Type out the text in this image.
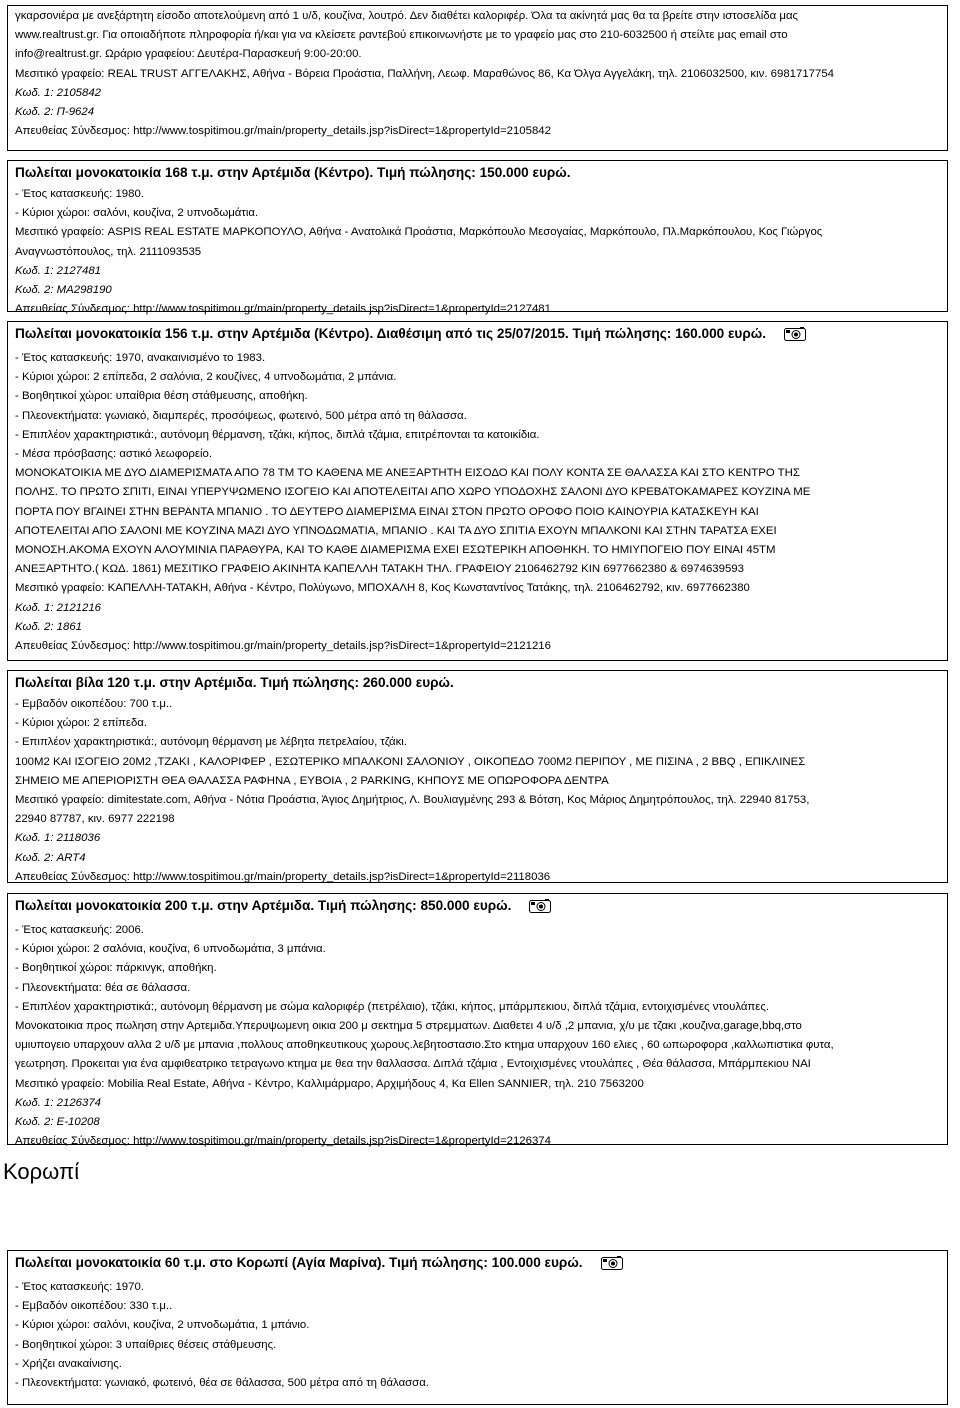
γκαρσονιέρα με ανεξάρτητη είσοδο αποτελούμενη από 1 υ/δ, κουζίνα, λουτρό. Δεν διαθέτει καλοριφέρ. Όλα τα ακίνητά μας θα τα βρείτε στην ιστοσελίδα μας

www.realtrust.gr. Για οποιαδήποτε πληροφορία ή/και για να κλείσετε ραντεβού επικοινωνήστε με το γραφείο μας στο 210-6032500 ή στείλτε μας email στο

info@realtrust.gr. Ωράριο γραφείου: Δευτέρα-Παρασκευή 9:00-20:00.

Μεσιτικό γραφείο: REAL TRUST ΑΓΓΕΛΑΚΗΣ, Αθήνα - Βόρεια Προάστια, Παλλήνη, Λεωφ. Μαραθώνος 86, Κα Όλγα Αγγελάκη, τηλ. 2106032500, κιν. 6981717754

Κωδ. 1: 2105842

Κωδ. 2: Π-9624

Απευθείας Σύνδεσμος: http://www.tospitimou.gr/main/property_details.jsp?isDirect=1&propertyId=2105842

Πωλείται μονοκατοικία 168 τ.μ. στην Αρτέμιδα (Κέντρο). Τιμή πώλησης: 150.000 ευρώ.

- Έτος κατασκευής: 1980.

- Κύριοι χώροι: σαλόνι, κουζίνα, 2 υπνοδωμάτια.

Μεσιτικό γραφείο: ASPIS REAL ESTATE ΜΑΡΚΟΠΟΥΛΟ, Αθήνα - Ανατολικά Προάστια, Μαρκόπουλο Μεσογαίας, Μαρκόπουλο, Πλ.Μαρκόπουλου, Κος Γιώργος

Αναγνωστόπουλος, τηλ. 2111093535

Κωδ. 1: 2127481

Κωδ. 2: ΜΑ298190

Απευθείας Σύνδεσμος: http://www.tospitimou.gr/main/property_details.jsp?isDirect=1&propertyId=2127481

Πωλείται μονοκατοικία 156 τ.μ. στην Αρτέμιδα (Κέντρο). Διαθέσιμη από τις 25/07/2015. Τιμή πώλησης: 160.000 ευρώ.

- Έτος κατασκευής: 1970, ανακαινισμένο το 1983.

- Κύριοι χώροι: 2 επίπεδα, 2 σαλόνια, 2 κουζίνες, 4 υπνοδωμάτια, 2 μπάνια.

- Βοηθητικοί χώροι: υπαίθρια θέση στάθμευσης, αποθήκη.

- Πλεονεκτήματα: γωνιακό, διαμπερές, προσόψεως, φωτεινό, 500 μέτρα από τη θάλασσα.

- Επιπλέον χαρακτηριστικά:, αυτόνομη θέρμανση, τζάκι, κήπος, διπλά τζάμια, επιτρέπονται τα κατοικίδια.

- Μέσα πρόσβασης: αστικό λεωφορείο.

ΜΟΝΟΚΑΤΟΙΚΙΑ ΜΕ ΔΥΟ ΔΙΑΜΕΡΙΣΜΑΤΑ ΑΠΟ 78 ΤΜ ΤΟ ΚΑΘΕΝΑ ΜΕ ΑΝΕΞΑΡΤΗΤΗ ΕΙΣΟΔΟ ΚΑΙ ΠΟΛΥ ΚΟΝΤΑ ΣΕ ΘΑΛΑΣΣΑ ΚΑΙ ΣΤΟ ΚΕΝΤΡΟ ΤΗΣ

ΠΟΛΗΣ. ΤΟ ΠΡΩΤΟ ΣΠΙΤΙ, ΕΙΝΑΙ ΥΠΕΡΥΨΩΜΕΝΟ ΙΣΟΓΕΙΟ ΚΑΙ ΑΠΟΤΕΛΕΙΤΑΙ ΑΠΟ ΧΩΡΟ ΥΠΟΔΟΧΗΣ ΣΑΛΟΝΙ ΔΥΟ ΚΡΕΒΑΤΟΚΑΜΑΡΕΣ ΚΟΥΖΙΝΑ ΜΕ

ΠΟΡΤΑ ΠΟΥ ΒΓΑΙΝΕΙ ΣΤΗΝ ΒΕΡΑΝΤΑ ΜΠΑΝΙΟ . ΤΟ ΔΕΥΤΕΡΟ ΔΙΑΜΕΡΙΣΜΑ ΕΙΝΑΙ ΣΤΟΝ ΠΡΩΤΟ ΟΡΟΦΟ ΠΟΙΟ ΚΑΙΝΟΥΡΙΑ ΚΑΤΑΣΚΕΥΗ ΚΑΙ

ΑΠΟΤΕΛΕΙΤΑΙ ΑΠΟ ΣΑΛΟΝΙ ΜΕ ΚΟΥΖΙΝΑ ΜΑΖΙ ΔΥΟ ΥΠΝΟΔΩΜΑΤΙΑ, ΜΠΑΝΙΟ . ΚΑΙ ΤΑ ΔΥΟ ΣΠΙΤΙΑ ΕΧΟΥΝ ΜΠΑΛΚΟΝΙ ΚΑΙ ΣΤΗΝ ΤΑΡΑΤΣΑ ΕΧΕΙ

ΜΟΝΟΣΗ.ΑΚΟΜΑ ΕΧΟΥΝ ΑΛΟΥΜΙΝΙΑ ΠΑΡΑΘΥΡΑ, ΚΑΙ ΤΟ ΚΑΘΕ ΔΙΑΜΕΡΙΣΜΑ ΕΧΕΙ ΕΣΩΤΕΡΙΚΗ ΑΠΟΘΗΚΗ. ΤΟ ΗΜΙΥΠΟΓΕΙΟ ΠΟΥ ΕΙΝΑΙ 45ΤΜ

ΑΝΕΞΑΡΤΗΤΟ.( ΚΩΔ. 1861) ΜΕΣΙΤΙΚΟ ΓΡΑΦΕΙΟ ΑΚΙΝΗΤΑ ΚΑΠΕΛΛΗ ΤΑΤΑΚΗ ΤΗΛ. ΓΡΑΦΕΙΟΥ 2106462792 ΚΙΝ 6977662380 & 6974639593

Μεσιτικό γραφείο: ΚΑΠΕΛΛΗ-ΤΑΤΑΚΗ, Αθήνα - Κέντρο, Πολύγωνο, ΜΠΟΧΑΛΗ 8, Κος Κωνσταντίνος Τατάκης, τηλ. 2106462792, κιν. 6977662380

Κωδ. 1: 2121216

Κωδ. 2: 1861

Απευθείας Σύνδεσμος: http://www.tospitimou.gr/main/property_details.jsp?isDirect=1&propertyId=2121216

Πωλείται βίλα 120 τ.μ. στην Αρτέμιδα. Τιμή πώλησης: 260.000 ευρώ.

- Εμβαδόν οικοπέδου: 700 τ.μ..

- Κύριοι χώροι: 2 επίπεδα.

- Επιπλέον χαρακτηριστικά:, αυτόνομη θέρμανση με λέβητα πετρελαίου, τζάκι.

100Μ2 ΚΑΙ ΙΣΟΓΕΙΟ 20Μ2 ,ΤΖΑΚΙ , ΚΑΛΟΡΙΦΕΡ , ΕΣΩΤΕΡΙΚΟ ΜΠΑΛΚΟΝΙ ΣΑΛΟΝΙΟΥ , ΟΙΚΟΠΕΔΟ 700Μ2 ΠΕΡΙΠΟΥ , ΜΕ ΠΙΣΙΝΑ , 2 BBQ , ΕΠΙΚΛΙΝΕΣ

ΣΗΜΕΙΟ ΜΕ ΑΠΕΡΙΟΡΙΣΤΗ ΘΕΑ ΘΑΛΑΣΣΑ ΡΑΦΗΝΑ , ΕΥΒΟΙΑ , 2 PARKING, ΚΗΠΟΥΣ ΜΕ ΟΠΩΡΟΦΟΡΑ ΔΕΝΤΡΑ

Μεσιτικό γραφείο: dimitestate.com, Αθήνα - Νότια Προάστια, Άγιος Δημήτριος, Λ. Βουλιαγμένης 293 & Βότση, Κος Μάριος Δημητρόπουλος, τηλ. 22940 81753,

22940 87787, κιν. 6977 222198

Κωδ. 1: 2118036

Κωδ. 2: ART4

Απευθείας Σύνδεσμος: http://www.tospitimou.gr/main/property_details.jsp?isDirect=1&propertyId=2118036

Πωλείται μονοκατοικία 200 τ.μ. στην Αρτέμιδα. Τιμή πώλησης: 850.000 ευρώ.

- Έτος κατασκευής: 2006.

- Κύριοι χώροι: 2 σαλόνια, κουζίνα, 6 υπνοδωμάτια, 3 μπάνια.

- Βοηθητικοί χώροι: πάρκινγκ, αποθήκη.

- Πλεονεκτήματα: θέα σε θάλασσα.

- Επιπλέον χαρακτηριστικά:, αυτόνομη θέρμανση με σώμα καλοριφέρ (πετρέλαιο), τζάκι, κήπος, μπάρμπεκιου, διπλά τζάμια, εντοιχισμένες ντουλάπες.

Μονοκατοικια προς πωληση στην Αρτεμιδα.Υπερυψωμενη οικια 200 μ σεκτημα 5 στρεμματων. Διαθετει 4 υ/δ ,2 μπανια, χ/υ με τζακι ,κουζινα,garage,bbq,στο

υμιυπογειο υπαρχουν αλλα 2 υ/δ με μπανια ,πολλους αποθηκευτικους χωρους.λεβητοστασιο.Στο κτημα υπαρχουν 160 ελιες , 60 ωπωροφορα ,καλλωπιστικα φυτα,

γεωτρηση. Προκειται για ένα αμφιθεατρικο τετραγωνο κτημα με θεα την θαλλασσα. Διπλά τζάμια , Εντοιχισμένες ντουλάπες , Θέα θάλασσα, Μπάρμπεκιου ΝΑΙ

Μεσιτικό γραφείο: Mobilia Real Estate, Αθήνα - Κέντρο, Καλλιμάρμαρο, Αρχιμήδους 4, Κα Ellen SANNIER, τηλ. 210 7563200

Κωδ. 1: 2126374

Κωδ. 2: Ε-10208

Απευθείας Σύνδεσμος: http://www.tospitimou.gr/main/property_details.jsp?isDirect=1&propertyId=2126374

Κορωπί

Πωλείται μονοκατοικία 60 τ.μ. στο Κορωπί (Αγία Μαρίνα). Τιμή πώλησης: 100.000 ευρώ.

- Έτος κατασκευής: 1970.

- Εμβαδόν οικοπέδου: 330 τ.μ..

- Κύριοι χώροι: σαλόνι, κουζίνα, 2 υπνοδωμάτια, 1 μπάνιο.

- Βοηθητικοί χώροι: 3 υπαίθριες θέσεις στάθμευσης.

- Χρήζει ανακαίνισης.

- Πλεονεκτήματα: γωνιακό, φωτεινό, θέα σε θάλασσα, 500 μέτρα από τη θάλασσα.
